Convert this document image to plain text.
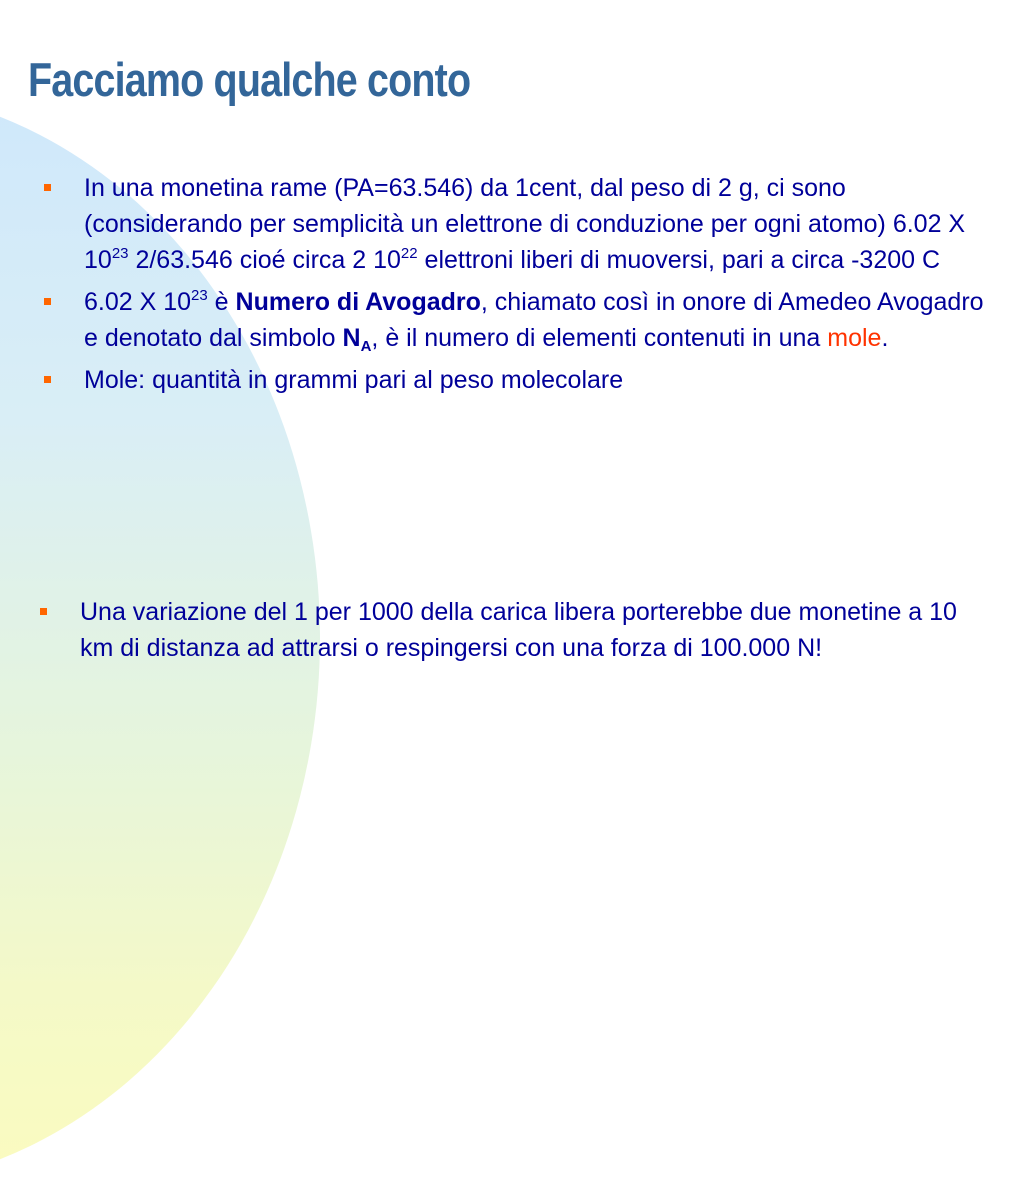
Facciamo qualche conto
In una monetina rame (PA=63.546) da 1cent, dal peso di 2 g, ci sono (considerando per semplicità un elettrone di conduzione per ogni atomo) 6.02 X $10^{23}$ 2/63.546 cioé circa 2 $10^{22}$ elettroni liberi di muoversi, pari a circa -3200 C
6.02 X $10^{23}$ è Numero di Avogadro, chiamato così in onore di Amedeo Avogadro e denotato dal simbolo $N_A$, è il numero di elementi contenuti in una mole.
Mole: quantità in grammi pari al peso molecolare
Una variazione del 1 per 1000 della carica libera porterebbe due monetine a 10 km di distanza ad attrarsi o respingersi con una forza di 100.000 N!
